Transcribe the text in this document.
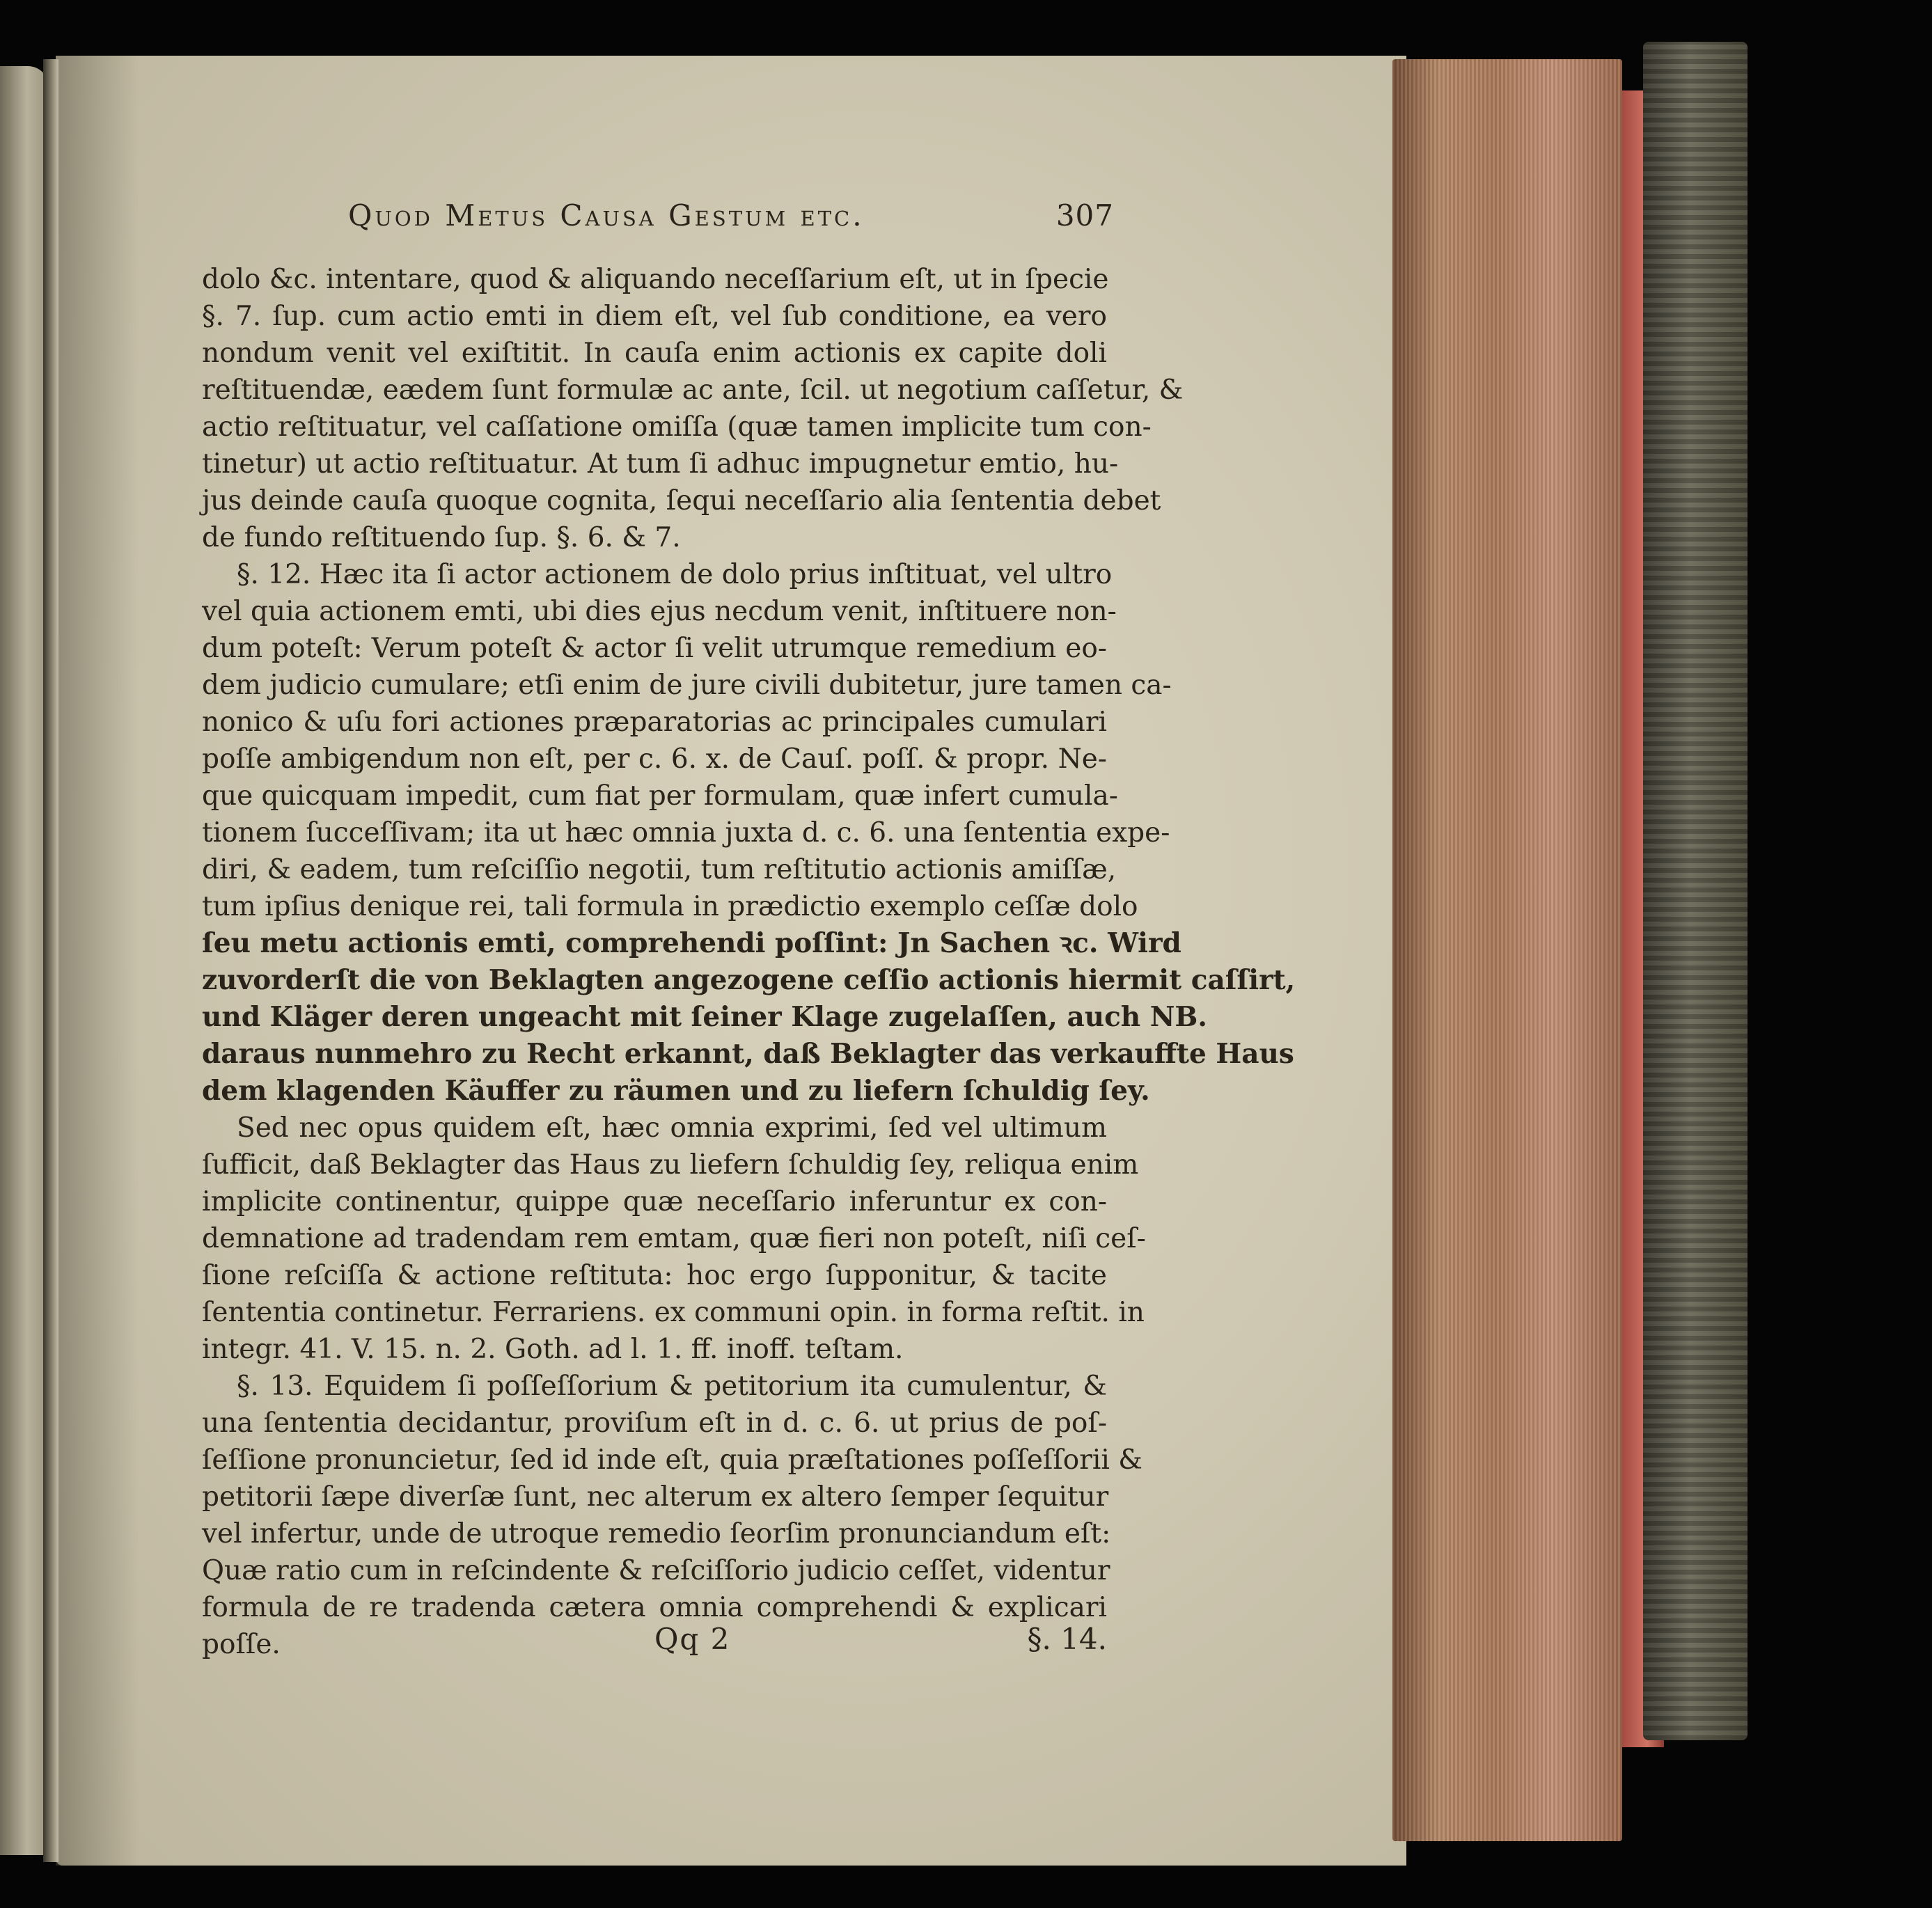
Quod Metus Causa Gestum etc.	307
dolo &c. intentare, quod & aliquando neceſſarium eſt, ut in ſpecie
§. 7. ſup. cum actio emti in diem eſt, vel ſub conditione, ea vero
nondum venit vel exiſtitit. In cauſa enim actionis ex capite doli
reſtituendæ, eædem ſunt formulæ ac ante, ſcil. ut negotium caſſetur, &
actio reſtituatur, vel caſſatione omiſſa (quæ tamen implicite tum con-
tinetur) ut actio reſtituatur. At tum ſi adhuc impugnetur emtio, hu-
jus deinde cauſa quoque cognita, ſequi neceſſario alia ſententia debet
de fundo reſtituendo ſup. §. 6. & 7.
§. 12. Hæc ita ſi actor actionem de dolo prius inſtituat, vel ultro
vel quia actionem emti, ubi dies ejus necdum venit, inſtituere non-
dum poteſt: Verum poteſt & actor ſi velit utrumque remedium eo-
dem judicio cumulare; etſi enim de jure civili dubitetur, jure tamen ca-
nonico & uſu fori actiones præparatorias ac principales cumulari
poſſe ambigendum non eſt, per c. 6. x. de Cauſ. poſſ. & propr. Ne-
que quicquam impedit, cum fiat per formulam, quæ infert cumula-
tionem ſucceſſivam; ita ut hæc omnia juxta d. c. 6. una ſententia expe-
diri, & eadem, tum reſciſſio negotii, tum reſtitutio actionis amiſſæ,
tum ipſius denique rei, tali formula in prædictio exemplo ceſſæ dolo
ſeu metu actionis emti, comprehendi poſſint: Jn Sachen ꝛc. Wird
zuvorderſt die von Beklagten angezogene ceſſio actionis hiermit caſſirt,
und Kläger deren ungeacht mit ſeiner Klage zugelaſſen, auch NB.
daraus nunmehro zu Recht erkannt, daß Beklagter das verkauffte Haus
dem klagenden Käuffer zu räumen und zu liefern ſchuldig ſey.
Sed nec opus quidem eſt, hæc omnia exprimi, ſed vel ultimum
ſufficit, daß Beklagter das Haus zu liefern ſchuldig ſey, reliqua enim
implicite continentur, quippe quæ neceſſario inferuntur ex con-
demnatione ad tradendam rem emtam, quæ fieri non poteſt, niſi ceſ-
ſione reſciſſa & actione reſtituta: hoc ergo ſupponitur, & tacite
ſententia continetur. Ferrariens. ex communi opin. in forma reſtit. in
integr. 41. V. 15. n. 2. Goth. ad l. 1. ff. inoff. teſtam.
§. 13. Equidem ſi poſſeſſorium & petitorium ita cumulentur, &
una ſententia decidantur, proviſum eſt in d. c. 6. ut prius de poſ-
ſeſſione pronuncietur, ſed id inde eſt, quia præſtationes poſſeſſorii &
petitorii ſæpe diverſæ ſunt, nec alterum ex altero ſemper ſequitur
vel infertur, unde de utroque remedio ſeorſim pronunciandum eſt:
Quæ ratio cum in reſcindente & reſciſſorio judicio ceſſet, videntur
formula de re tradenda cætera omnia comprehendi & explicari
poſſe.	Qq 2	§. 14.
